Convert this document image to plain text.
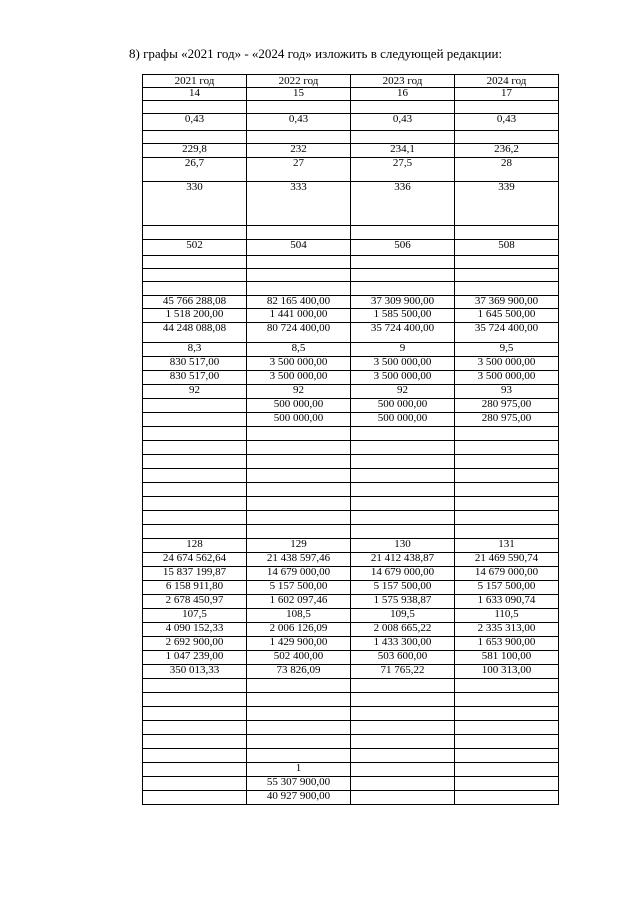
8) графы «2021 год» - «2024 год» изложить в следующей редакции:
2021 год	2022 год	2023 год	2024 год
14	15	16	17

0,43	0,43	0,43	0,43

229,8	232	234,1	236,2
26,7	27	27,5	28
330	333	336	339

502	504	506	508

45 766 288,08	82 165 400,00	37 309 900,00	37 369 900,00
1 518 200,00	1 441 000,00	1 585 500,00	1 645 500,00
44 248 088,08	80 724 400,00	35 724 400,00	35 724 400,00
8,3	8,5	9	9,5
830 517,00	3 500 000,00	3 500 000,00	3 500 000,00
830 517,00	3 500 000,00	3 500 000,00	3 500 000,00
92	92	92	93
	500 000,00	500 000,00	280 975,00
	500 000,00	500 000,00	280 975,00

128	129	130	131
24 674 562,64	21 438 597,46	21 412 438,87	21 469 590,74
15 837 199,87	14 679 000,00	14 679 000,00	14 679 000,00
6 158 911,80	5 157 500,00	5 157 500,00	5 157 500,00
2 678 450,97	1 602 097,46	1 575 938,87	1 633 090,74
107,5	108,5	109,5	110,5
4 090 152,33	2 006 126,09	2 008 665,22	2 335 313,00
2 692 900,00	1 429 900,00	1 433 300,00	1 653 900,00
1 047 239,00	502 400,00	503 600,00	581 100,00
350 013,33	73 826,09	71 765,22	100 313,00

	1		
	55 307 900,00		
	40 927 900,00		
